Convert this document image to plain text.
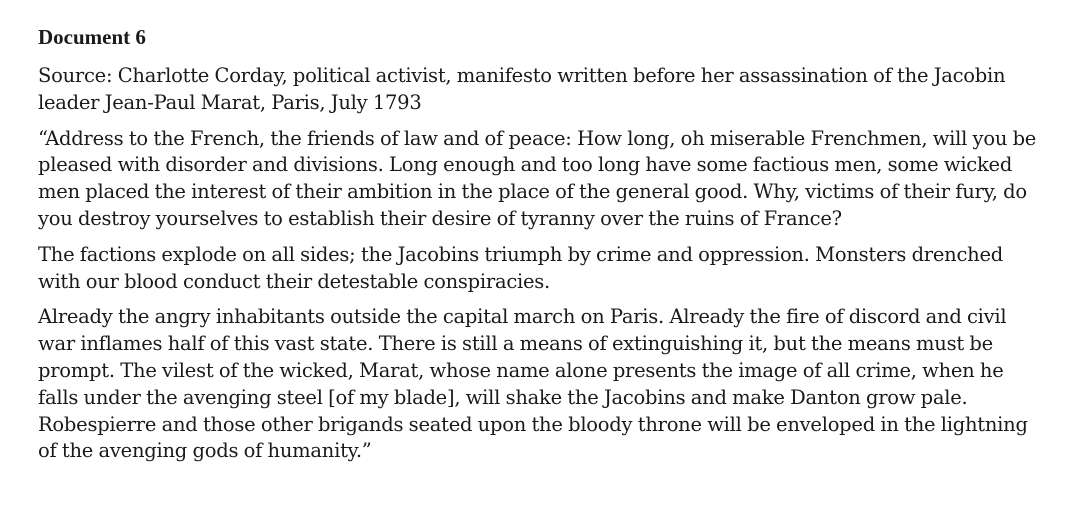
Document 6

Source: Charlotte Corday, political activist, manifesto written before her assassination of the Jacobin leader Jean-Paul Marat, Paris, July 1793

“Address to the French, the friends of law and of peace: How long, oh miserable Frenchmen, will you be pleased with disorder and divisions. Long enough and too long have some factious men, some wicked men placed the interest of their ambition in the place of the general good. Why, victims of their fury, do you destroy yourselves to establish their desire of tyranny over the ruins of France?

The factions explode on all sides; the Jacobins triumph by crime and oppression. Monsters drenched with our blood conduct their detestable conspiracies.

Already the angry inhabitants outside the capital march on Paris. Already the fire of discord and civil war inflames half of this vast state. There is still a means of extinguishing it, but the means must be prompt. The vilest of the wicked, Marat, whose name alone presents the image of all crime, when he falls under the avenging steel [of my blade], will shake the Jacobins and make Danton grow pale. Robespierre and those other brigands seated upon the bloody throne will be enveloped in the lightning of the avenging gods of humanity.”
